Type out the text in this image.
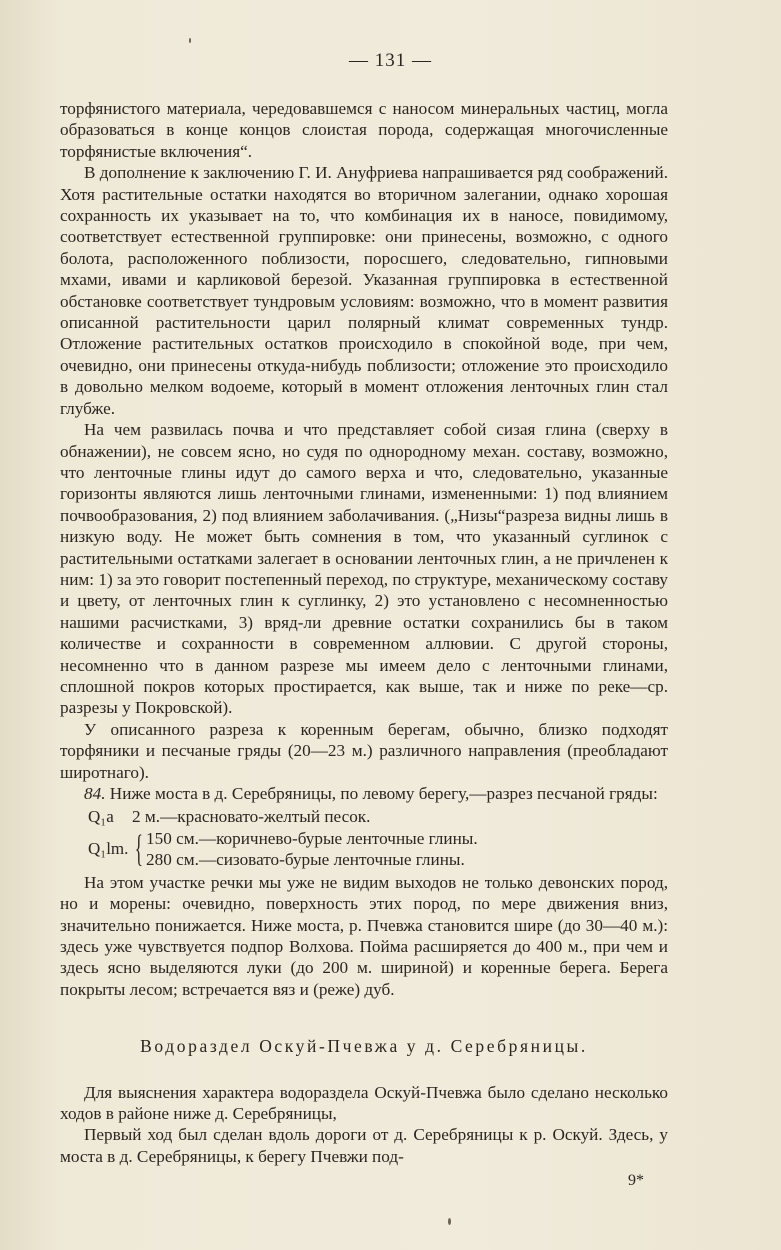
— 131 —

торфянистого материала, чередовавшемся с наносом минеральных частиц, могла образоваться в конце концов слоистая порода, содержащая многочисленные торфянистые включения“.

В дополнение к заключению Г. И. Ануфриева напрашивается ряд соображений. Хотя растительные остатки находятся во вторичном залегании, однако хорошая сохранность их указывает на то, что комбинация их в наносе, повидимому, соответствует естественной группировке: они принесены, возможно, с одного болота, расположенного поблизости, поросшего, следовательно, гипновыми мхами, ивами и карликовой березой. Указанная группировка в естественной обстановке соответствует тундровым условиям: возможно, что в момент развития описанной растительности царил полярный климат современных тундр. Отложение растительных остатков происходило в спокойной воде, при чем, очевидно, они принесены откуда-нибудь поблизости; отложение это происходило в довольно мелком водоеме, который в момент отложения ленточных глин стал глубже.

На чем развилась почва и что представляет собой сизая глина (сверху в обнажении), не совсем ясно, но судя по однородному механ. составу, возможно, что ленточные глины идут до самого верха и что, следовательно, указанные горизонты являются лишь ленточными глинами, измененными: 1) под влиянием почвообразования, 2) под влиянием заболачивания. („Низы“разреза видны лишь в низкую воду. Не может быть сомнения в том, что указанный суглинок с растительными остатками залегает в основании ленточных глин, а не причленен к ним: 1) за это говорит постепенный переход, по структуре, механическому составу и цвету, от ленточных глин к суглинку, 2) это установлено с несомненностью нашими расчистками, 3) вряд-ли древние остатки сохранились бы в таком количестве и сохранности в современном аллювии. С другой стороны, несомненно что в данном разрезе мы имеем дело с ленточными глинами, сплошной покров которых простирается, как выше, так и ниже по реке—ср. разрезы у Покровской).

У описанного разреза к коренным берегам, обычно, близко подходят торфяники и песчаные гряды (20—23 м.) различного направления (преобладают широтнаго).

84. Ниже моста в д. Серебряницы, по левому берегу,—разрез песчаной гряды:

Q₁a	2 м.—красновато-желтый песок.
Q₁lm. { 150 см.—коричнево-бурые ленточные глины.
280 см.—сизовато-бурые ленточные глины.

На этом участке речки мы уже не видим выходов не только девонских пород, но и морены: очевидно, поверхность этих пород, по мере движения вниз, значительно понижается. Ниже моста, р. Пчевжа становится шире (до 30—40 м.): здесь уже чувствуется подпор Волхова. Пойма расширяется до 400 м., при чем и здесь ясно выделяются луки (до 200 м. шириной) и коренные берега. Берега покрыты лесом; встречается вяз и (реже) дуб.

Водораздел Оскуй-Пчевжа у д. Серебряницы.

Для выяснения характера водораздела Оскуй-Пчевжа было сделано несколько ходов в районе ниже д. Серебряницы,

Первый ход был сделан вдоль дороги от д. Серебряницы к р. Оскуй. Здесь, у моста в д. Серебряницы, к берегу Пчевжи под-

9*
